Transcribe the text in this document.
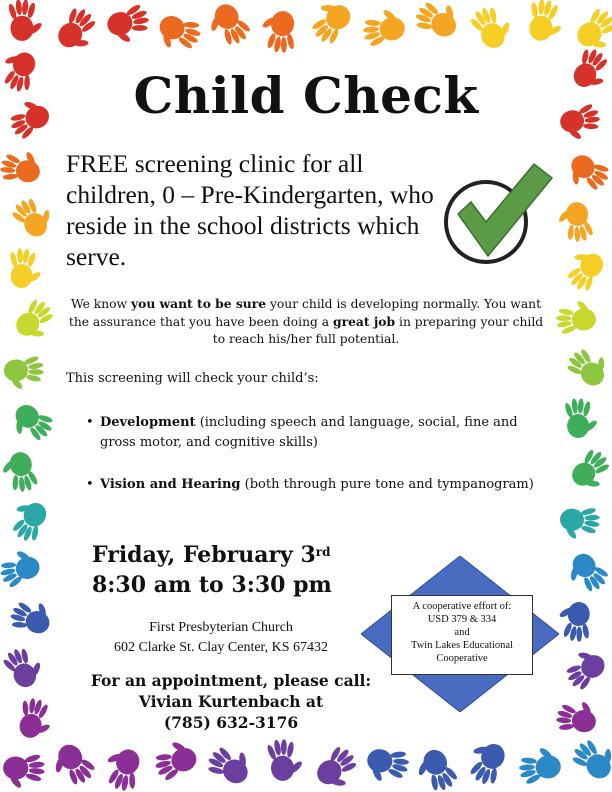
Child Check
FREE screening clinic for all children, 0 – Pre-Kindergarten, who reside in the school districts which serve.
We know you want to be sure your child is developing normally. You want the assurance that you have been doing a great job in preparing your child to reach his/her full potential.
This screening will check your child’s:
• Development (including speech and language, social, fine and gross motor, and cognitive skills)
• Vision and Hearing (both through pure tone and tympanogram)
Friday, February 3rd
8:30 am to 3:30 pm
First Presbyterian Church
602 Clarke St. Clay Center, KS 67432
For an appointment, please call:
Vivian Kurtenbach at
(785) 632-3176
A cooperative effort of:
USD 379 & 334
and
Twin Lakes Educational Cooperative
